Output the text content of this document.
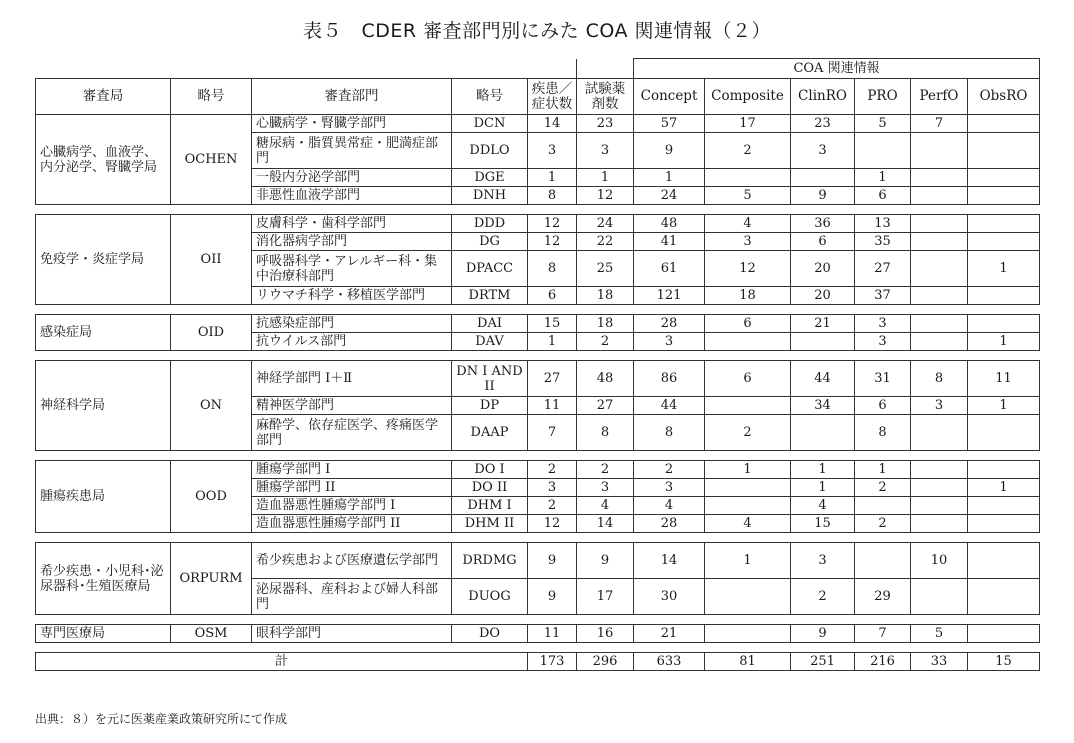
表５　CDER 審査部門別にみた COA 関連情報（２）
						COA 関連情報					
審査局	略号	審査部門	略号	疾患／症状数	試験薬剤数	Concept	Composite	ClinRO	PRO	PerfO	ObsRO
心臓病学、血液学、内分泌学、腎臓学局	OCHEN	心臓病学・腎臓学部門	DCN	14	23	57	17	23	5	7	
		糖尿病・脂質異常症・肥満症部門	DDLO	3	3	9	2	3			
		一般内分泌学部門	DGE	1	1	1			1		
		非悪性血液学部門	DNH	8	12	24	5	9	6		

免疫学・炎症学局	OII	皮膚科学・歯科学部門	DDD	12	24	48	4	36	13		
		消化器病学部門	DG	12	22	41	3	6	35		
		呼吸器科学・アレルギー科・集中治療科部門	DPACC	8	25	61	12	20	27		1
		リウマチ科学・移植医学部門	DRTM	6	18	121	18	20	37		

感染症局	OID	抗感染症部門	DAI	15	18	28	6	21	3		
		抗ウイルス部門	DAV	1	2	3			3		1

神経科学局	ON	神経学部門 Ⅰ＋Ⅱ	DN I AND II	27	48	86	6	44	31	8	11
		精神医学部門	DP	11	27	44		34	6	3	1
		麻酔学、依存症医学、疼痛医学部門	DAAP	7	8	8	2		8		

腫瘍疾患局	OOD	腫瘍学部門 I	DO I	2	2	2	1	1	1		
		腫瘍学部門 II	DO II	3	3	3		1	2		1
		造血器悪性腫瘍学部門 I	DHM I	2	4	4		4			
		造血器悪性腫瘍学部門 II	DHM II	12	14	28	4	15	2		

希少疾患・小児科･泌尿器科･生殖医療局	ORPURM	希少疾患および医療遺伝学部門	DRDMG	9	9	14	1	3		10	
		泌尿器科、産科および婦人科部門	DUOG	9	17	30		2	29		

専門医療局	OSM	眼科学部門	DO	11	16	21		9	7	5	

計				173	296	633	81	251	216	33	15
出典：８）を元に医薬産業政策研究所にて作成
